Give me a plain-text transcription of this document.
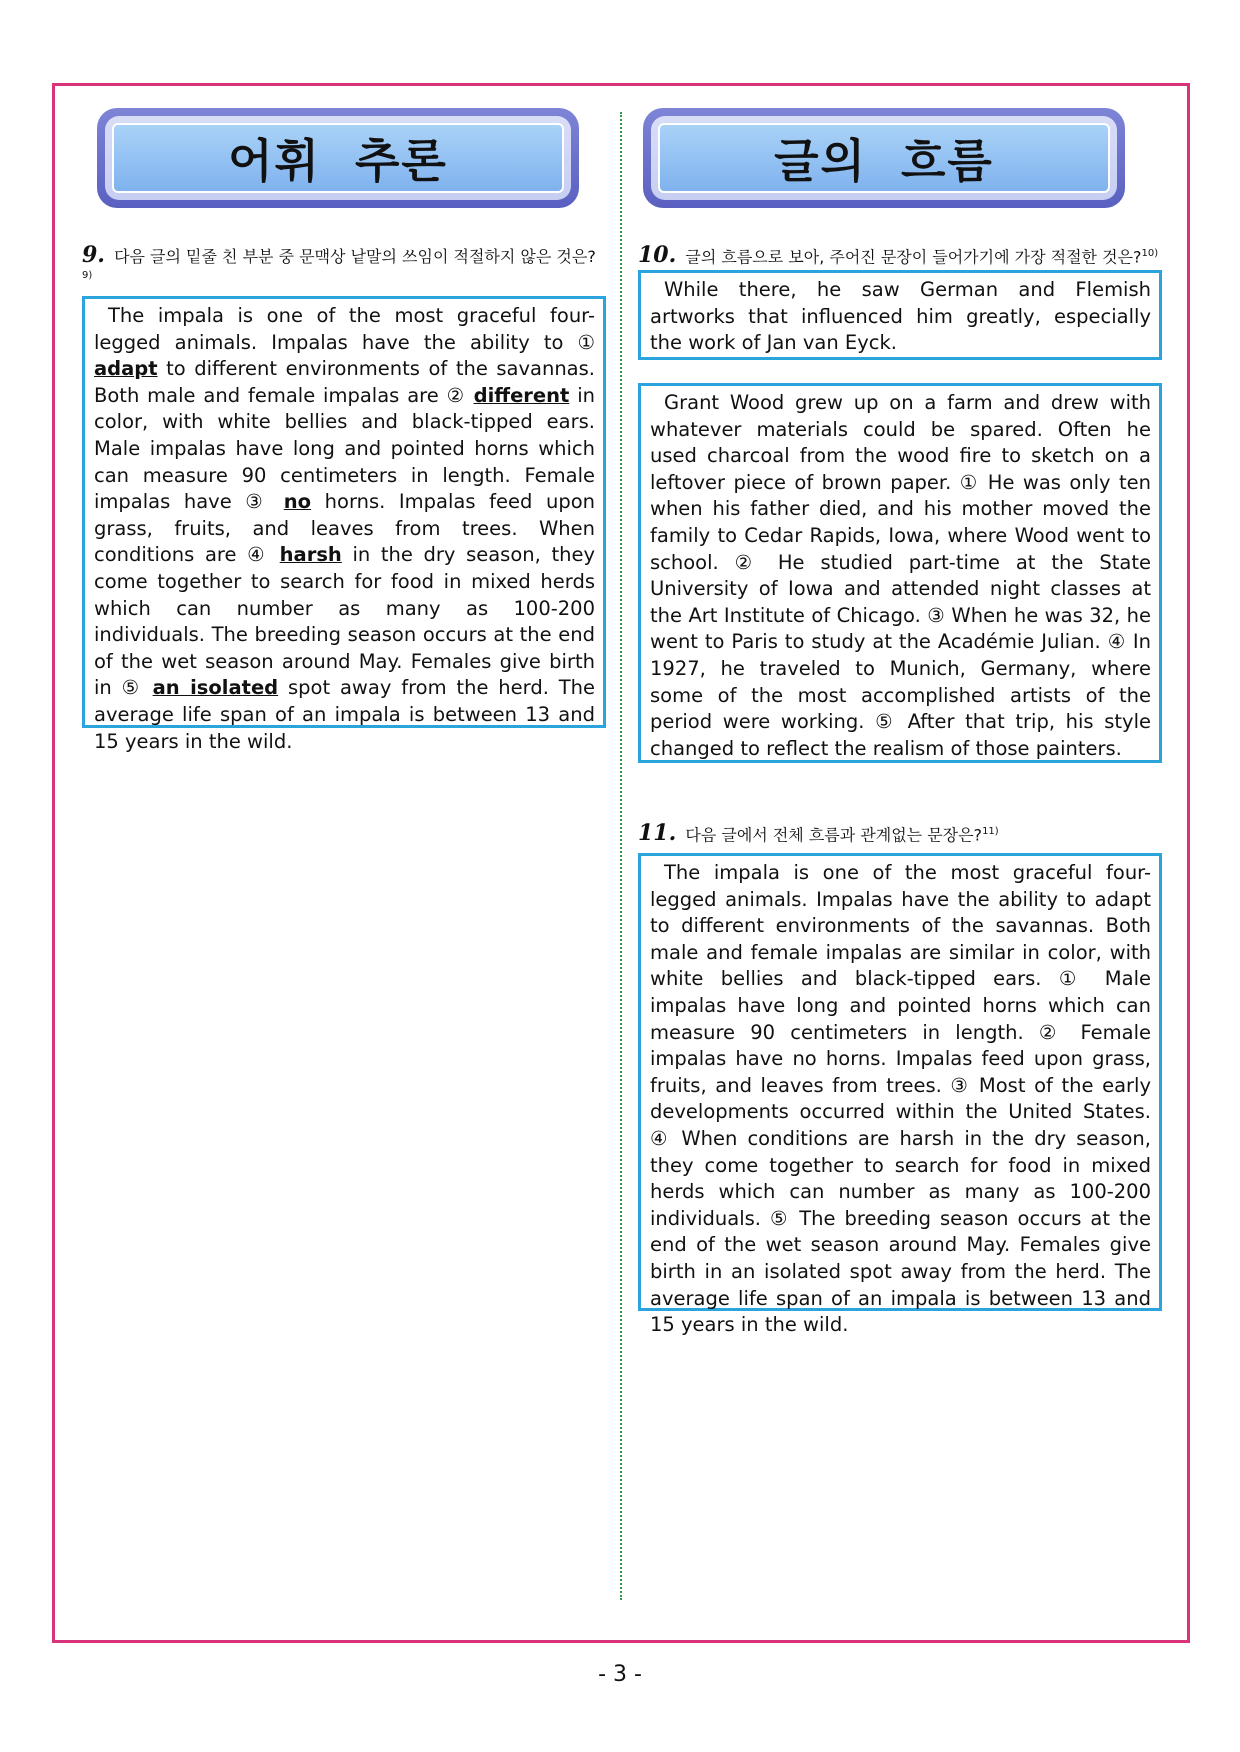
어휘 추론	글의 흐름
9. 다음 글의 밑줄 친 부분 중 문맥상 낱말의 쓰임이 적절하지 않은 것은?$^{9)}$

The impala is one of the most graceful four-legged animals. Impalas have the ability to ① adapt to different environments of the savannas. Both male and female impalas are ② different in color, with white bellies and black-tipped ears. Male impalas have long and pointed horns which can measure 90 centimeters in length. Female impalas have ③ no horns. Impalas feed upon grass, fruits, and leaves from trees. When conditions are ④ harsh in the dry season, they come together to search for food in mixed herds which can number as many as 100-200 individuals. The breeding season occurs at the end of the wet season around May. Females give birth in ⑤ an isolated spot away from the herd. The average life span of an impala is between 13 and 15 years in the wild.

10. 글의 흐름으로 보아, 주어진 문장이 들어가기에 가장 적절한 것은?$^{10)}$

While there, he saw German and Flemish artworks that influenced him greatly, especially the work of Jan van Eyck.

Grant Wood grew up on a farm and drew with whatever materials could be spared. Often he used charcoal from the wood fire to sketch on a leftover piece of brown paper. ① He was only ten when his father died, and his mother moved the family to Cedar Rapids, Iowa, where Wood went to school. ② He studied part-time at the State University of Iowa and attended night classes at the Art Institute of Chicago. ③ When he was 32, he went to Paris to study at the Académie Julian. ④ In 1927, he traveled to Munich, Germany, where some of the most accomplished artists of the period were working. ⑤ After that trip, his style changed to reflect the realism of those painters.

11. 다음 글에서 전체 흐름과 관계없는 문장은?$^{11)}$

The impala is one of the most graceful four-legged animals. Impalas have the ability to adapt to different environments of the savannas. Both male and female impalas are similar in color, with white bellies and black-tipped ears. ① Male impalas have long and pointed horns which can measure 90 centimeters in length. ② Female impalas have no horns. Impalas feed upon grass, fruits, and leaves from trees. ③ Most of the early developments occurred within the United States. ④ When conditions are harsh in the dry season, they come together to search for food in mixed herds which can number as many as 100-200 individuals. ⑤ The breeding season occurs at the end of the wet season around May. Females give birth in an isolated spot away from the herd. The average life span of an impala is between 13 and 15 years in the wild.

- 3 -
